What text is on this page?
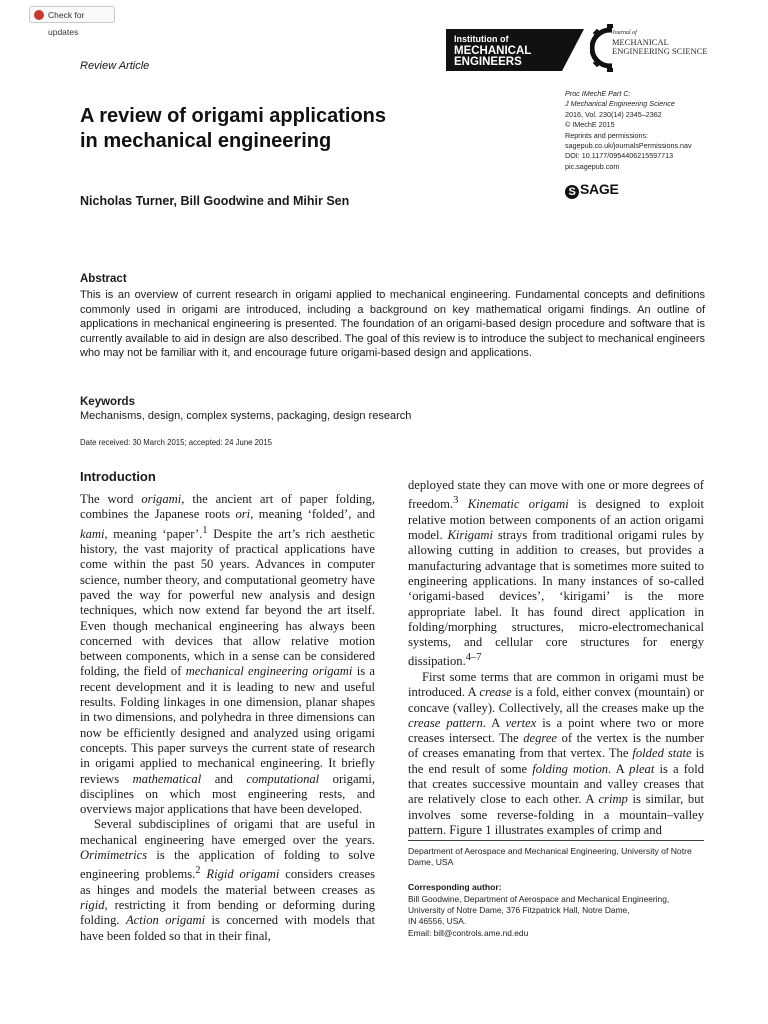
Check for updates
Review Article
Institution of
MECHANICAL
ENGINEERS
Journal of
MECHANICAL
ENGINEERING SCIENCE
Proc IMechE Part C:
J Mechanical Engineering Science
2016, Vol. 230(14) 2345–2362
© IMechE 2015
Reprints and permissions:
sagepub.co.uk/journalsPermissions.nav
DOI: 10.1177/0954406215597713
pic.sagepub.com
S SAGE
A review of origami applications
in mechanical engineering
Nicholas Turner, Bill Goodwine and Mihir Sen
Abstract
This is an overview of current research in origami applied to mechanical engineering. Fundamental concepts and definitions commonly used in origami are introduced, including a background on key mathematical origami findings. An outline of applications in mechanical engineering is presented. The foundation of an origami-based design procedure and software that is currently available to aid in design are also described. The goal of this review is to introduce the subject to mechanical engineers who may not be familiar with it, and encourage future origami-based design and applications.
Keywords
Mechanisms, design, complex systems, packaging, design research
Date received: 30 March 2015; accepted: 24 June 2015
Introduction

The word origami, the ancient art of paper folding, combines the Japanese roots ori, meaning ‘folded’, and kami, meaning ‘paper’.$^1$ Despite the art’s rich aesthetic history, the vast majority of practical applications have come within the past 50 years. Advances in computer science, number theory, and computational geometry have paved the way for powerful new analysis and design techniques, which now extend far beyond the art itself. Even though mechanical engineering has always been concerned with devices that allow relative motion between components, which in a sense can be considered folding, the field of mechanical engineering origami is a recent development and it is leading to new and useful results. Folding linkages in one dimension, planar shapes in two dimensions, and polyhedra in three dimensions can now be efficiently designed and analyzed using origami concepts. This paper surveys the current state of research in origami applied to mechanical engineering. It briefly reviews mathematical and computational origami, disciplines on which most engineering rests, and overviews major applications that have been developed.

Several subdisciplines of origami that are useful in mechanical engineering have emerged over the years. Orimimetrics is the application of folding to solve engineering problems.$^2$ Rigid origami considers creases as hinges and models the material between creases as rigid, restricting it from bending or deforming during folding. Action origami is concerned with models that have been folded so that in their final,

deployed state they can move with one or more degrees of freedom.$^3$ Kinematic origami is designed to exploit relative motion between components of an action origami model. Kirigami strays from traditional origami rules by allowing cutting in addition to creases, but provides a manufacturing advantage that is sometimes more suited to engineering applications. In many instances of so-called ‘origami-based devices’, ‘kirigami’ is the more appropriate label. It has found direct application in folding/morphing structures, micro-electromechanical systems, and cellular core structures for energy dissipation.$^{4-7}$

First some terms that are common in origami must be introduced. A crease is a fold, either convex (mountain) or concave (valley). Collectively, all the creases make up the crease pattern. A vertex is a point where two or more creases intersect. The degree of the vertex is the number of creases emanating from that vertex. The folded state is the end result of some folding motion. A pleat is a fold that creates successive mountain and valley creases that are relatively close to each other. A crimp is similar, but involves some reverse-folding in a mountain–valley pattern. Figure 1 illustrates examples of crimp and

Department of Aerospace and Mechanical Engineering, University of Notre Dame, USA
Corresponding author:
Bill Goodwine, Department of Aerospace and Mechanical Engineering,
University of Notre Dame, 376 Fitzpatrick Hall, Notre Dame,
IN 46556, USA.
Email: bill@controls.ame.nd.edu
